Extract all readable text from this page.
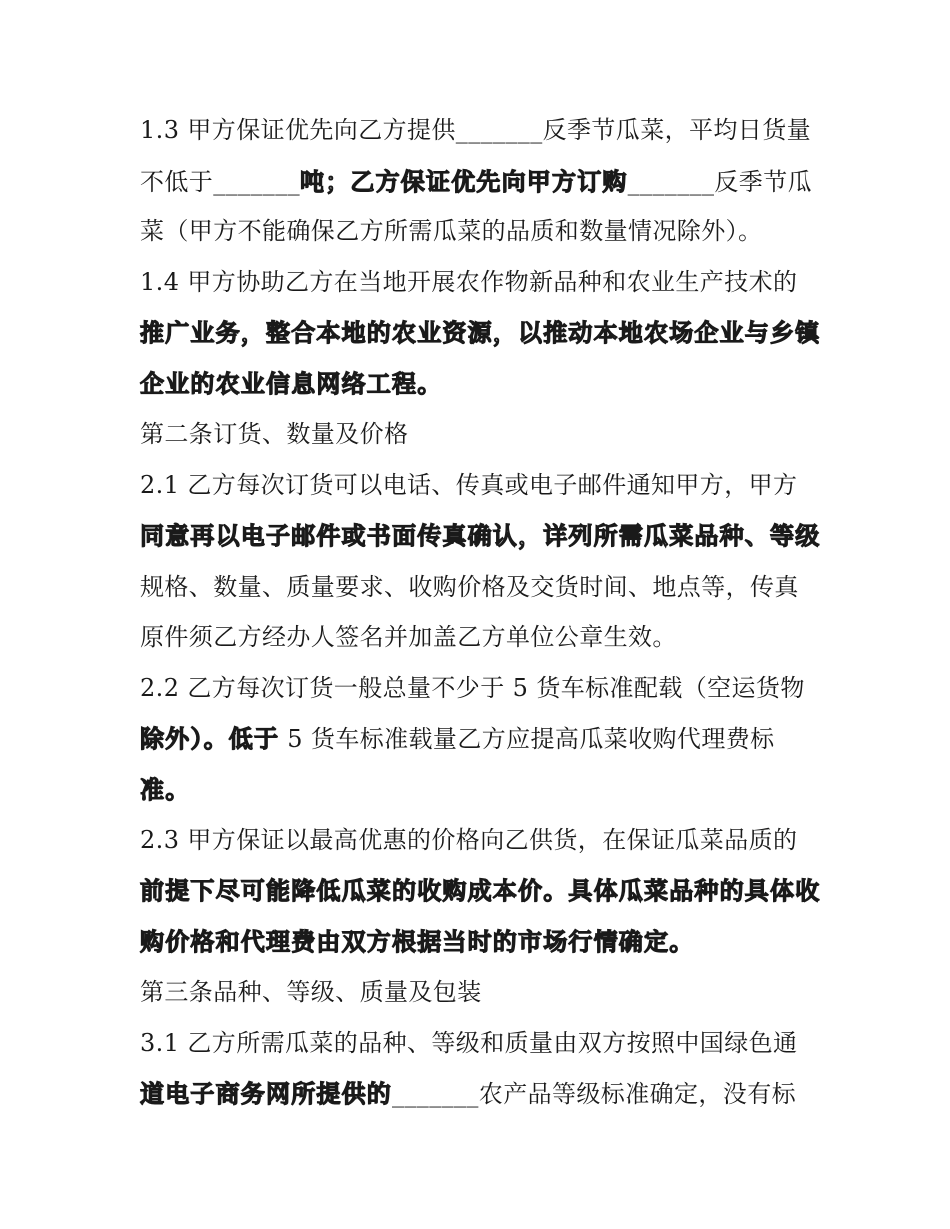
1.3 甲方保证优先向乙方提供_______反季节瓜菜，平均日货量
不低于_______吨；乙方保证优先向甲方订购_______反季节瓜
菜（甲方不能确保乙方所需瓜菜的品质和数量情况除外）。
1.4 甲方协助乙方在当地开展农作物新品种和农业生产技术的
推广业务，整合本地的农业资源，以推动本地农场企业与乡镇
企业的农业信息网络工程。
第二条订货、数量及价格
2.1 乙方每次订货可以电话、传真或电子邮件通知甲方，甲方
同意再以电子邮件或书面传真确认，详列所需瓜菜品种、等级
规格、数量、质量要求、收购价格及交货时间、地点等，传真
原件须乙方经办人签名并加盖乙方单位公章生效。
2.2 乙方每次订货一般总量不少于 5 货车标准配载（空运货物
除外）。低于 5 货车标准载量乙方应提高瓜菜收购代理费标
准。
2.3 甲方保证以最高优惠的价格向乙供货，在保证瓜菜品质的
前提下尽可能降低瓜菜的收购成本价。具体瓜菜品种的具体收
购价格和代理费由双方根据当时的市场行情确定。
第三条品种、等级、质量及包装
3.1 乙方所需瓜菜的品种、等级和质量由双方按照中国绿色通
道电子商务网所提供的_______农产品等级标准确定，没有标
